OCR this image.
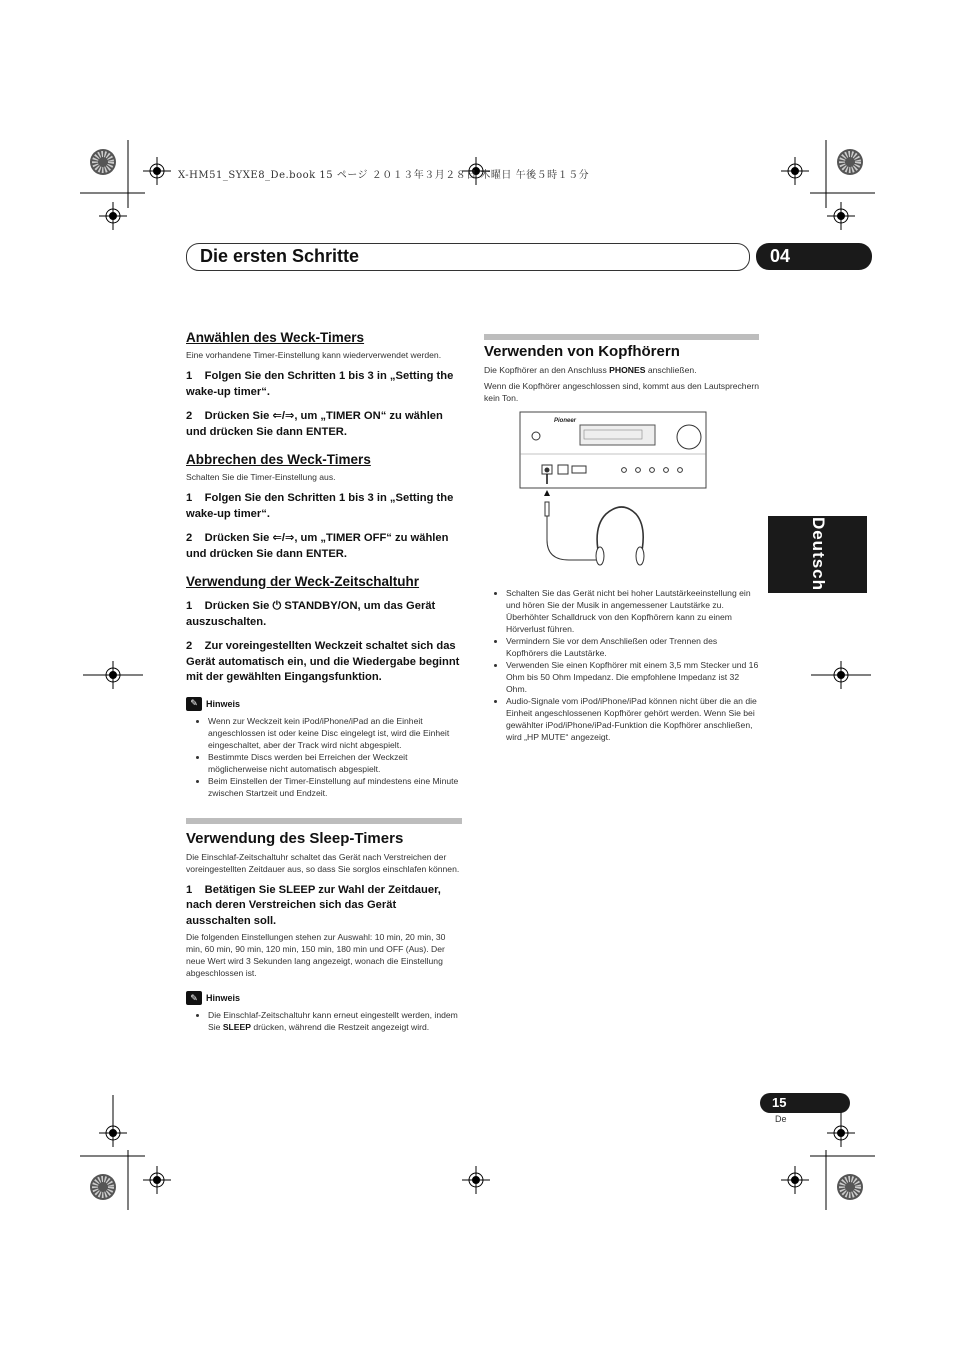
X-HM51_SYXE8_De.book 15 ページ ２０１３年３月２８日 木曜日 午後５時１５分
Die ersten Schritte	04
Deutsch
Anwählen des Weck-Timers

Eine vorhandene Timer-Einstellung kann wiederverwendet werden.

1 Folgen Sie den Schritten 1 bis 3 in „Setting the wake-up timer“.

2 Drücken Sie ⇐/⇒, um „TIMER ON“ zu wählen und drücken Sie dann ENTER.

Abbrechen des Weck-Timers

Schalten Sie die Timer-Einstellung aus.

1 Folgen Sie den Schritten 1 bis 3 in „Setting the wake-up timer“.

2 Drücken Sie ⇐/⇒, um „TIMER OFF“ zu wählen und drücken Sie dann ENTER.

Verwendung der Weck-Zeitschaltuhr

1 Drücken Sie ⏻ STANDBY/ON, um das Gerät auszuschalten.

2 Zur voreingestellten Weckzeit schaltet sich das Gerät automatisch ein, und die Wiedergabe beginnt mit der gewählten Eingangsfunktion.

✎ Hinweis
• Wenn zur Weckzeit kein iPod/iPhone/iPad an die Einheit angeschlossen ist oder keine Disc eingelegt ist, wird die Einheit eingeschaltet, aber der Track wird nicht abgespielt.
• Bestimmte Discs werden bei Erreichen der Weckzeit möglicherweise nicht automatisch abgespielt.
• Beim Einstellen der Timer-Einstellung auf mindestens eine Minute zwischen Startzeit und Endzeit.
Verwendung des Sleep-Timers

Die Einschlaf-Zeitschaltuhr schaltet das Gerät nach Verstreichen der voreingestellten Zeitdauer aus, so dass Sie sorglos einschlafen können.

1 Betätigen Sie SLEEP zur Wahl der Zeitdauer, nach deren Verstreichen sich das Gerät ausschalten soll.

Die folgenden Einstellungen stehen zur Auswahl: 10 min, 20 min, 30 min, 60 min, 90 min, 120 min, 150 min, 180 min und OFF (Aus). Der neue Wert wird 3 Sekunden lang angezeigt, wonach die Einstellung abgeschlossen ist.

✎ Hinweis
• Die Einschlaf-Zeitschaltuhr kann erneut eingestellt werden, indem Sie SLEEP drücken, während die Restzeit angezeigt wird.
Verwenden von Kopfhörern

Die Kopfhörer an den Anschluss PHONES anschließen.

Wenn die Kopfhörer angeschlossen sind, kommt aus den Lautsprechern kein Ton.

Pioneer
• Schalten Sie das Gerät nicht bei hoher Lautstärkeeinstellung ein und hören Sie der Musik in angemessener Lautstärke zu. Überhöhter Schalldruck von den Kopfhörern kann zu einem Hörverlust führen.
• Vermindern Sie vor dem Anschließen oder Trennen des Kopfhörers die Lautstärke.
• Verwenden Sie einen Kopfhörer mit einem 3,5 mm Stecker und 16 Ohm bis 50 Ohm Impedanz. Die empfohlene Impedanz ist 32 Ohm.
• Audio-Signale vom iPod/iPhone/iPad können nicht über die an die Einheit angeschlossenen Kopfhörer gehört werden. Wenn Sie bei gewählter iPod/iPhone/iPad-Funktion die Kopfhörer anschließen, wird „HP MUTE“ angezeigt.
15
De
